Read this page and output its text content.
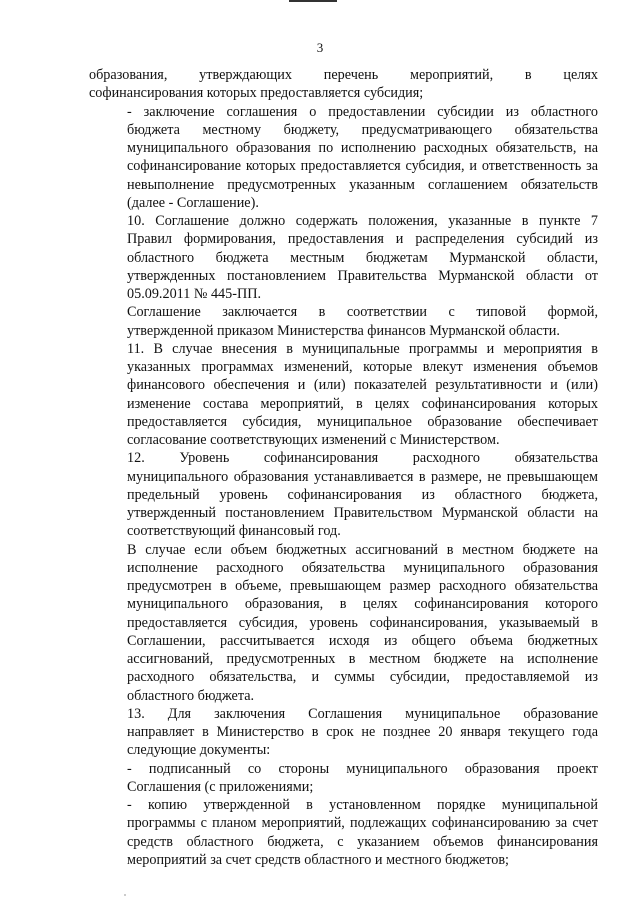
3

образования, утверждающих перечень мероприятий, в целях
софинансирования которых предоставляется субсидия;

- заключение соглашения о предоставлении субсидии из областного
бюджета местному бюджету, предусматривающего обязательства
муниципального образования по исполнению расходных обязательств, на
софинансирование которых предоставляется субсидия, и ответственность за
невыполнение предусмотренных указанным соглашением обязательств
(далее - Соглашение).

10. Соглашение должно содержать положения, указанные в пункте 7
Правил формирования, предоставления и распределения субсидий из
областного бюджета местным бюджетам Мурманской области,
утвержденных постановлением Правительства Мурманской области от
05.09.2011 № 445-ПП.

Соглашение заключается в соответствии с типовой формой,
утвержденной приказом Министерства финансов Мурманской области.

11. В случае внесения в муниципальные программы и мероприятия в
указанных программах изменений, которые влекут изменения объемов
финансового обеспечения и (или) показателей результативности и (или)
изменение состава мероприятий, в целях софинансирования которых
предоставляется субсидия, муниципальное образование обеспечивает
согласование соответствующих изменений с Министерством.

12. Уровень софинансирования расходного обязательства
муниципального образования устанавливается в размере, не превышающем
предельный уровень софинансирования из областного бюджета,
утвержденный постановлением Правительством Мурманской области на
соответствующий финансовый год.

В случае если объем бюджетных ассигнований в местном бюджете на
исполнение расходного обязательства муниципального образования
предусмотрен в объеме, превышающем размер расходного обязательства
муниципального образования, в целях софинансирования которого
предоставляется субсидия, уровень софинансирования, указываемый в
Соглашении, рассчитывается исходя из общего объема бюджетных
ассигнований, предусмотренных в местном бюджете на исполнение
расходного обязательства, и суммы субсидии, предоставляемой из
областного бюджета.

13. Для заключения Соглашения муниципальное образование
направляет в Министерство в срок не позднее 20 января текущего года
следующие документы:

- подписанный со стороны муниципального образования проект
Соглашения (с приложениями;

- копию утвержденной в установленном порядке муниципальной
программы с планом мероприятий, подлежащих софинансированию за счет
средств областного бюджета, с указанием объемов финансирования
мероприятий за счет средств областного и местного бюджетов;
